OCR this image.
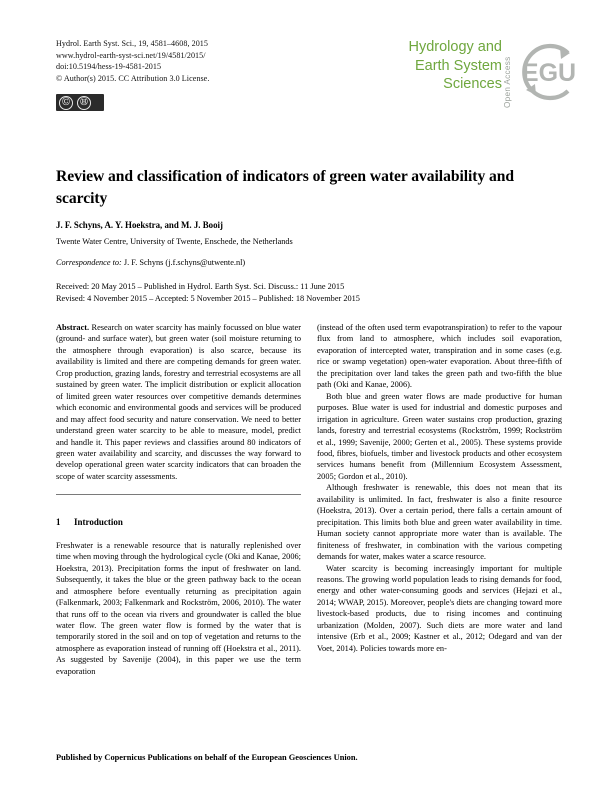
Hydrol. Earth Syst. Sci., 19, 4581–4608, 2015
www.hydrol-earth-syst-sci.net/19/4581/2015/
doi:10.5194/hess-19-4581-2015
© Author(s) 2015. CC Attribution 3.0 License.
Ⓒ	Ⓗ
Hydrology and
Earth System
Sciences Open Access EGU
Review and classification of indicators of green water availability and scarcity
J. F. Schyns, A. Y. Hoekstra, and M. J. Booij
Twente Water Centre, University of Twente, Enschede, the Netherlands
Correspondence to: J. F. Schyns (j.f.schyns@utwente.nl)
Received: 20 May 2015 – Published in Hydrol. Earth Syst. Sci. Discuss.: 11 June 2015
Revised: 4 November 2015 – Accepted: 5 November 2015 – Published: 18 November 2015

Abstract. Research on water scarcity has mainly focussed on blue water (ground- and surface water), but green water (soil moisture returning to the atmosphere through evaporation) is also scarce, because its availability is limited and there are competing demands for green water. Crop production, grazing lands, forestry and terrestrial ecosystems are all sustained by green water. The implicit distribution or explicit allocation of limited green water resources over competitive demands determines which economic and environmental goods and services will be produced and may affect food security and nature conservation. We need to better understand green water scarcity to be able to measure, model, predict and handle it. This paper reviews and classifies around 80 indicators of green water availability and scarcity, and discusses the way forward to develop operational green water scarcity indicators that can broaden the scope of water scarcity assessments.

1	Introduction

Freshwater is a renewable resource that is naturally replenished over time when moving through the hydrological cycle (Oki and Kanae, 2006; Hoekstra, 2013). Precipitation forms the input of freshwater on land. Subsequently, it takes the blue or the green pathway back to the ocean and atmosphere before eventually returning as precipitation again (Falkenmark, 2003; Falkenmark and Rockström, 2006, 2010). The water that runs off to the ocean via rivers and groundwater is called the blue water flow. The green water flow is formed by the water that is temporarily stored in the soil and on top of vegetation and returns to the atmosphere as evaporation instead of running off (Hoekstra et al., 2011). As suggested by Savenije (2004), in this paper we use the term evaporation

(instead of the often used term evapotranspiration) to refer to the vapour flux from land to atmosphere, which includes soil evaporation, evaporation of intercepted water, transpiration and in some cases (e.g. rice or swamp vegetation) open-water evaporation. About three-fifth of the precipitation over land takes the green path and two-fifth the blue path (Oki and Kanae, 2006).

Both blue and green water flows are made productive for human purposes. Blue water is used for industrial and domestic purposes and irrigation in agriculture. Green water sustains crop production, grazing lands, forestry and terrestrial ecosystems (Rockström, 1999; Rockström et al., 1999; Savenije, 2000; Gerten et al., 2005). These systems provide food, fibres, biofuels, timber and livestock products and other ecosystem services humans benefit from (Millennium Ecosystem Assessment, 2005; Gordon et al., 2010).

Although freshwater is renewable, this does not mean that its availability is unlimited. In fact, freshwater is also a finite resource (Hoekstra, 2013). Over a certain period, there falls a certain amount of precipitation. This limits both blue and green water availability in time. Human society cannot appropriate more water than is available. The finiteness of freshwater, in combination with the various competing demands for water, makes water a scarce resource.

Water scarcity is becoming increasingly important for multiple reasons. The growing world population leads to rising demands for food, energy and other water-consuming goods and services (Hejazi et al., 2014; WWAP, 2015). Moreover, people's diets are changing toward more livestock-based products, due to rising incomes and continuing urbanization (Molden, 2007). Such diets are more water and land intensive (Erb et al., 2009; Kastner et al., 2012; Odegard and van der Voet, 2014). Policies towards more en-

Published by Copernicus Publications on behalf of the European Geosciences Union.
